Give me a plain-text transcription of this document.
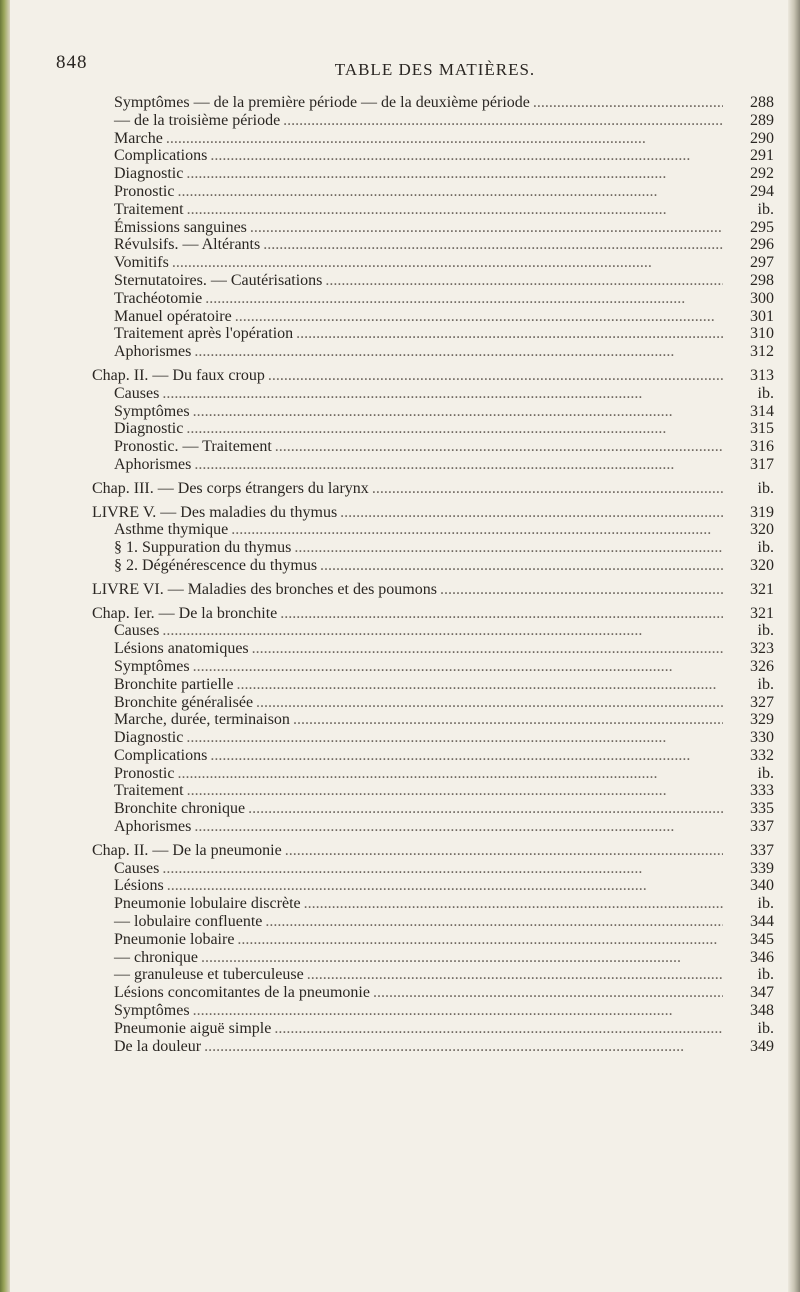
848	TABLE DES MATIÈRES.
Symptômes — de la première période — de la deuxième période . . .	288
— de la troisième période . . .	289
Marche . . .	290
Complications . . .	291
Diagnostic . . .	292
Pronostic . . .	294
Traitement . . .	ib.
Émissions sanguines . . .	295
Révulsifs. — Altérants . . .	296
Vomitifs . . .	297
Sternutatoires. — Cautérisations . . .	298
Trachéotomie . . .	300
Manuel opératoire . . .	301
Traitement après l'opération . . .	310
Aphorismes . . .	312
Chap. II. — Du faux croup . . .	313
Causes . . .	ib.
Symptômes . . .	314
Diagnostic . . .	315
Pronostic. — Traitement . . .	316
Aphorismes . . .	317
Chap. III. — Des corps étrangers du larynx . . .	ib.
LIVRE V. — Des maladies du thymus . . .	319
Asthme thymique . . .	320
§ 1. Suppuration du thymus . . .	ib.
§ 2. Dégénérescence du thymus . . .	320
LIVRE VI. — Maladies des bronches et des poumons . . .	321
Chap. Ier. — De la bronchite . . .	321
Causes . . .	ib.
Lésions anatomiques . . .	323
Symptômes . . .	326
Bronchite partielle . . .	ib.
Bronchite généralisée . . .	327
Marche, durée, terminaison . . .	329
Diagnostic . . .	330
Complications . . .	332
Pronostic . . .	ib.
Traitement . . .	333
Bronchite chronique . . .	335
Aphorismes . . .	337
Chap. II. — De la pneumonie . . .	337
Causes . . .	339
Lésions . . .	340
Pneumonie lobulaire discrète . . .	ib.
— lobulaire confluente . . .	344
Pneumonie lobaire . . .	345
— chronique . . .	346
— granuleuse et tuberculeuse . . .	ib.
Lésions concomitantes de la pneumonie . . .	347
Symptômes . . .	348
Pneumonie aiguë simple . . .	ib.
De la douleur . . .	349
